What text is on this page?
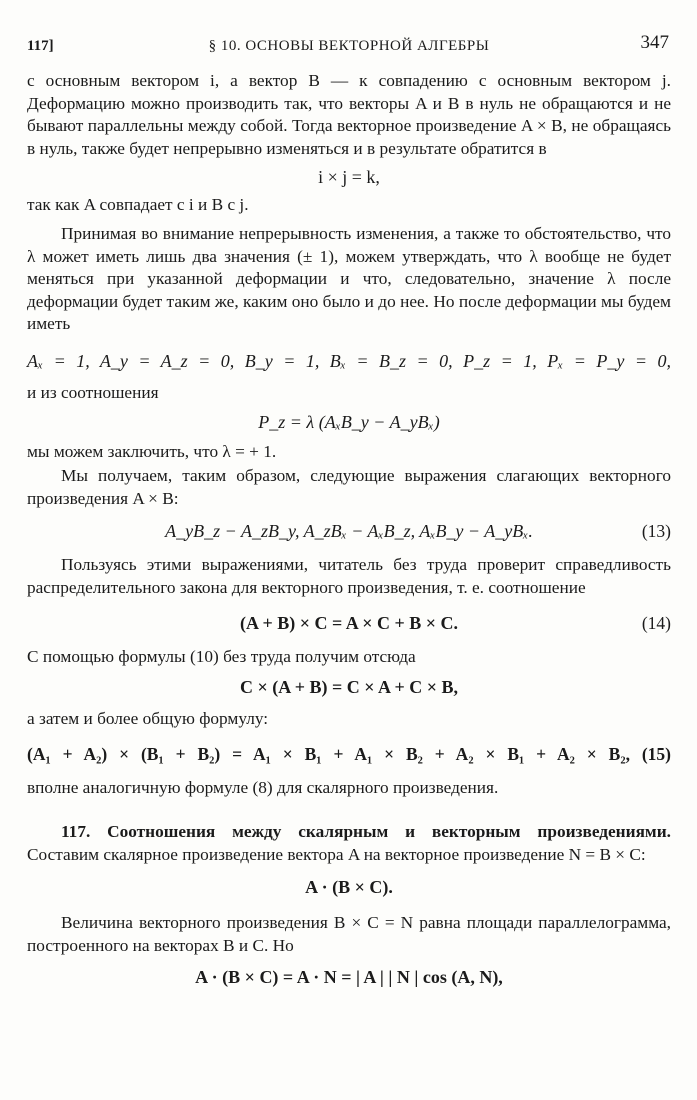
117]	§ 10. ОСНОВЫ ВЕКТОРНОЙ АЛГЕБРЫ	347

с основным вектором i, а вектор B — к совпадению с основным вектором j. Деформацию можно производить так, что векторы A и B в нуль не обращаются и не бывают параллельны между собой. Тогда векторное произведение A × B, не обращаясь в нуль, также будет непрерывно изменяться и в результате обратится в

i × j = k,

так как A совпадает с i и B с j.

Принимая во внимание непрерывность изменения, а также то обстоятельство, что λ может иметь лишь два значения (± 1), можем утверждать, что λ вообще не будет меняться при указанной деформации и что, следовательно, значение λ после деформации будет таким же, каким оно было и до нее. Но после деформации мы будем иметь

Aₓ = 1, A_y = A_z = 0, B_y = 1, Bₓ = B_z = 0, P_z = 1, Pₓ = P_y = 0,

и из соотношения

P_z = λ (AₓB_y − A_yBₓ)

мы можем заключить, что λ = + 1.

Мы получаем, таким образом, следующие выражения слагающих векторного произведения A × B:

A_yB_z − A_zB_y, A_zBₓ − AₓB_z, AₓB_y − A_yBₓ.	(13)

Пользуясь этими выражениями, читатель без труда проверит справедливость распределительного закона для векторного произведения, т. е. соотношение

(A + B) × C = A × C + B × C.	(14)

С помощью формулы (10) без труда получим отсюда

C × (A + B) = C × A + C × B,

а затем и более общую формулу:

(A₁ + A₂) × (B₁ + B₂) = A₁ × B₁ + A₁ × B₂ + A₂ × B₁ + A₂ × B₂, (15)

вполне аналогичную формуле (8) для скалярного произведения.

117. Соотношения между скалярным и векторным произведениями. Составим скалярное произведение вектора A на векторное произведение N = B × C:

A · (B × C).

Величина векторного произведения B × C = N равна площади параллелограмма, построенного на векторах B и C. Но

A · (B × C) = A · N = | A | | N | cos (A, N),
